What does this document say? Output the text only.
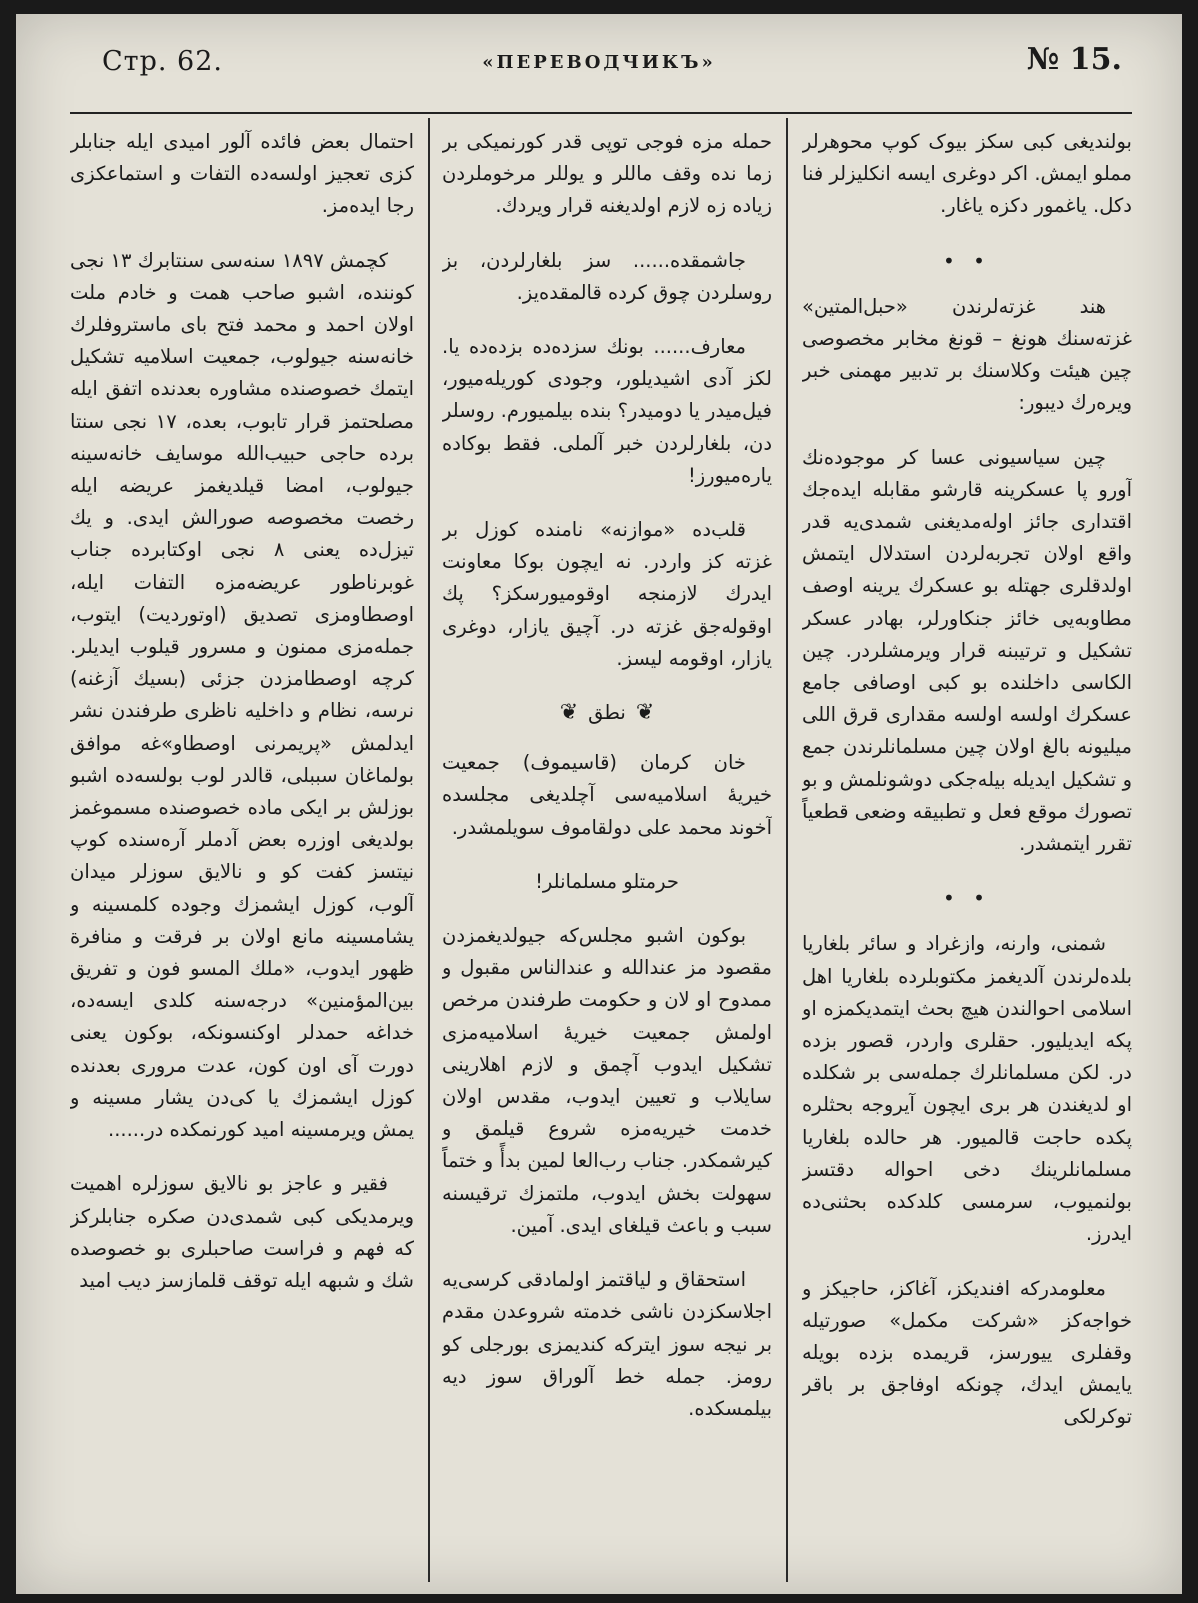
Стр. 62.	«ПЕРЕВОДЧИКЪ»	№ 15.

بولندیغی کبی سکز بیوک کوپ محوهرلر مملو ایمش. اکر دوغری ایسه انکلیزلر فنا دکل. یاغمور دکزه یاغار.

• •

هند غزته‌لرندن «حبل‌المتین» غزته‌سنك هونغ – قونغ مخابر مخصوصی چین هیئت وکلاسنك بر تدبیر مهمنی خبر ویره‌رك دیبور:

چین سیاسیونی عسا کر موجوده‌نك آورو پا عسکرینه قارشو مقابله ایده‌جك اقتداری جائز اوله‌مدیغنی شمدی‌یه قدر واقع اولان تجربه‌لردن استدلال ایتمش اولدقلری جهتله بو عسکرك یرینه اوصف مطاوبه‌یی خائز جنکاورلر، بهادر عسکر تشکیل و ترتیبنه قرار ویرمشلردر. چین الکاسی داخلنده بو کبی اوصافی جامع عسکرك اولسه اولسه مقداری قرق اللی میلیونه بالغ اولان چین مسلمانلرندن جمع و تشکیل ایدیله بیله‌جکی دوشونلمش و بو تصورك موقع فعل و تطبیقه وضعی قطعیاً تقرر ایتمشدر.

• •

شمنی، وارنه، وازغراد و سائر بلغاریا بلده‌لرندن آلدیغمز مکتوبلرده بلغاریا اهل اسلامی احوالندن هیچ بحث ایتمدیکمزه او پکه ایدیلیور. حقلری واردر، قصور بزده در. لکن مسلمانلرك جمله‌سی بر شکلده او لدیغندن هر بری ایچون آیروجه بحثلره پکده حاجت قالمیور. هر حالده بلغاریا مسلمانلرینك دخی احواله دقتسز بولنمیوب، سرمسی کلدکده بحثنی‌ده ایدرز.

معلومدرکه افندیکز، آغاکز، حاجیکز و خواجه‌کز «شرکت مکمل» صورتیله وقفلری ییورسز، قریمده بزده بویله یایمش ایدك، چونکه اوفاجق بر باقر توکرلکی

حمله مزه فوجی توپی قدر کورنمیکی بر زما نده وقف ماللر و یوللر مرخوملردن زیاده زه لازم اولدیغنه قرار ویردك.

جاشمقده...... سز بلغارلردن، بز روسلردن چوق کرده قالمقده‌یز.

معارف...... بونك سزده‌ده بزده‌ده یا. لکز آدی اشیدیلور، وجودی کوریله‌میور، فیل‌میدر یا دومیدر؟ بنده بیلمیورم. روسلر دن، بلغارلردن خبر آلملی. فقط بوکاده یاره‌میورز!

قلب‌ده «موازنه» نامنده کوزل بر غزته کز واردر. نه ایچون بوکا معاونت ایدرك لازمنجه اوقومیورسکز؟ پك اوقوله‌جق غزته در. آچیق یازار، دوغری یازار، اوقومه لیسز.

❦نطق❦

خان کرمان (قاسیموف) جمعیت خیریهٔ اسلامیه‌سی آچلدیغی مجلسده آخوند محمد علی دولقاموف سویلمشدر.

حرمتلو مسلمانلر!

بوکون اشبو مجلس‌که جیولدیغمزدن مقصود مز عندالله و عندالناس مقبول و ممدوح او لان و حکومت طرفندن مرخص اولمش جمعیت خیریهٔ اسلامیه‌مزی تشکیل ایدوب آچمق و لازم اهلارینی سایلاب و تعیین ایدوب، مقدس اولان خدمت خیریه‌مزه شروع قیلمق و کیرشمکدر. جناب رب‌العا لمین بدأً و ختماً سهولت بخش ایدوب، ملتمزك ترقیسنه سبب و باعث قیلغای ایدی. آمین.

استحقاق و لیاقتمز اولمادقی کرسی‌یه اجلاسکزدن ناشی خدمته شروعدن مقدم بر نیجه سوز ایترکه کندیمزی بورجلی کو رومز. جمله خط آلوراق سوز دیه بیلمسکده.

احتمال بعض فائده آلور امیدی ایله جنابلر کزی تعجیز اولسه‌ده التفات و استماعکزی رجا ایده‌مز.

کچمش ۱۸۹۷ سنه‌سی سنتابرك ۱۳ نجی کوننده، اشبو صاحب همت و خادم ملت اولان احمد و محمد فتح بای ماستروفلرك خانه‌سنه جیولوب، جمعیت اسلامیه تشکیل ایتمك خصوصنده مشاوره بعدنده اتفق ایله مصلحتمز قرار تابوب، بعده، ۱۷ نجی سنتا برده حاجی حبیب‌الله موسایف خانه‌سینه جیولوب، امضا قیلدیغمز عریضه ایله رخصت مخصوصه صورالش ایدی. و یك تیزل‌ده یعنی ۸ نجی اوکتابرده جناب غوبرناطور عریضه‌مزه التفات ایله، اوصطاومزی تصدیق (اوتوردیت) ایتوب، جمله‌مزی ممنون و مسرور قیلوب ایدیلر. کرچه اوصطامزدن جزئی (بسیك آزغنه) نرسه، نظام و داخلیه ناظری طرفندن نشر ایدلمش «پریمرنی اوصطاو»غه موافق بولماغان سببلی، قالدر لوب بولسه‌ده اشبو بوزلش بر ایکی ماده خصوصنده مسموغمز بولدیغی اوزره بعض آدملر آره‌سنده کوپ نیتسز کفت کو و نالایق سوزلر میدان آلوب، کوزل ایشمزك وجوده کلمسینه و یشامسینه مانع اولان بر فرقت و منافرة ظهور ایدوب، «ملك المسو فون و تفریق بین‌المؤمنین» درجه‌سنه کلدی ایسه‌ده، خداغه حمدلر اوکنسونکه، بوکون یعنی دورت آی اون کون، عدت مروری بعدنده کوزل ایشمزك یا کی‌دن یشار مسینه و یمش ویرمسینه امید کورنمکده در......

فقیر و عاجز بو نالایق سوزلره اهمیت ویرمدیکی کبی شمدی‌دن صکره جنابلرکز که فهم و فراست صاحبلری بو خصوصده شك و شبهه ایله توقف قلمازسز دیب امید
